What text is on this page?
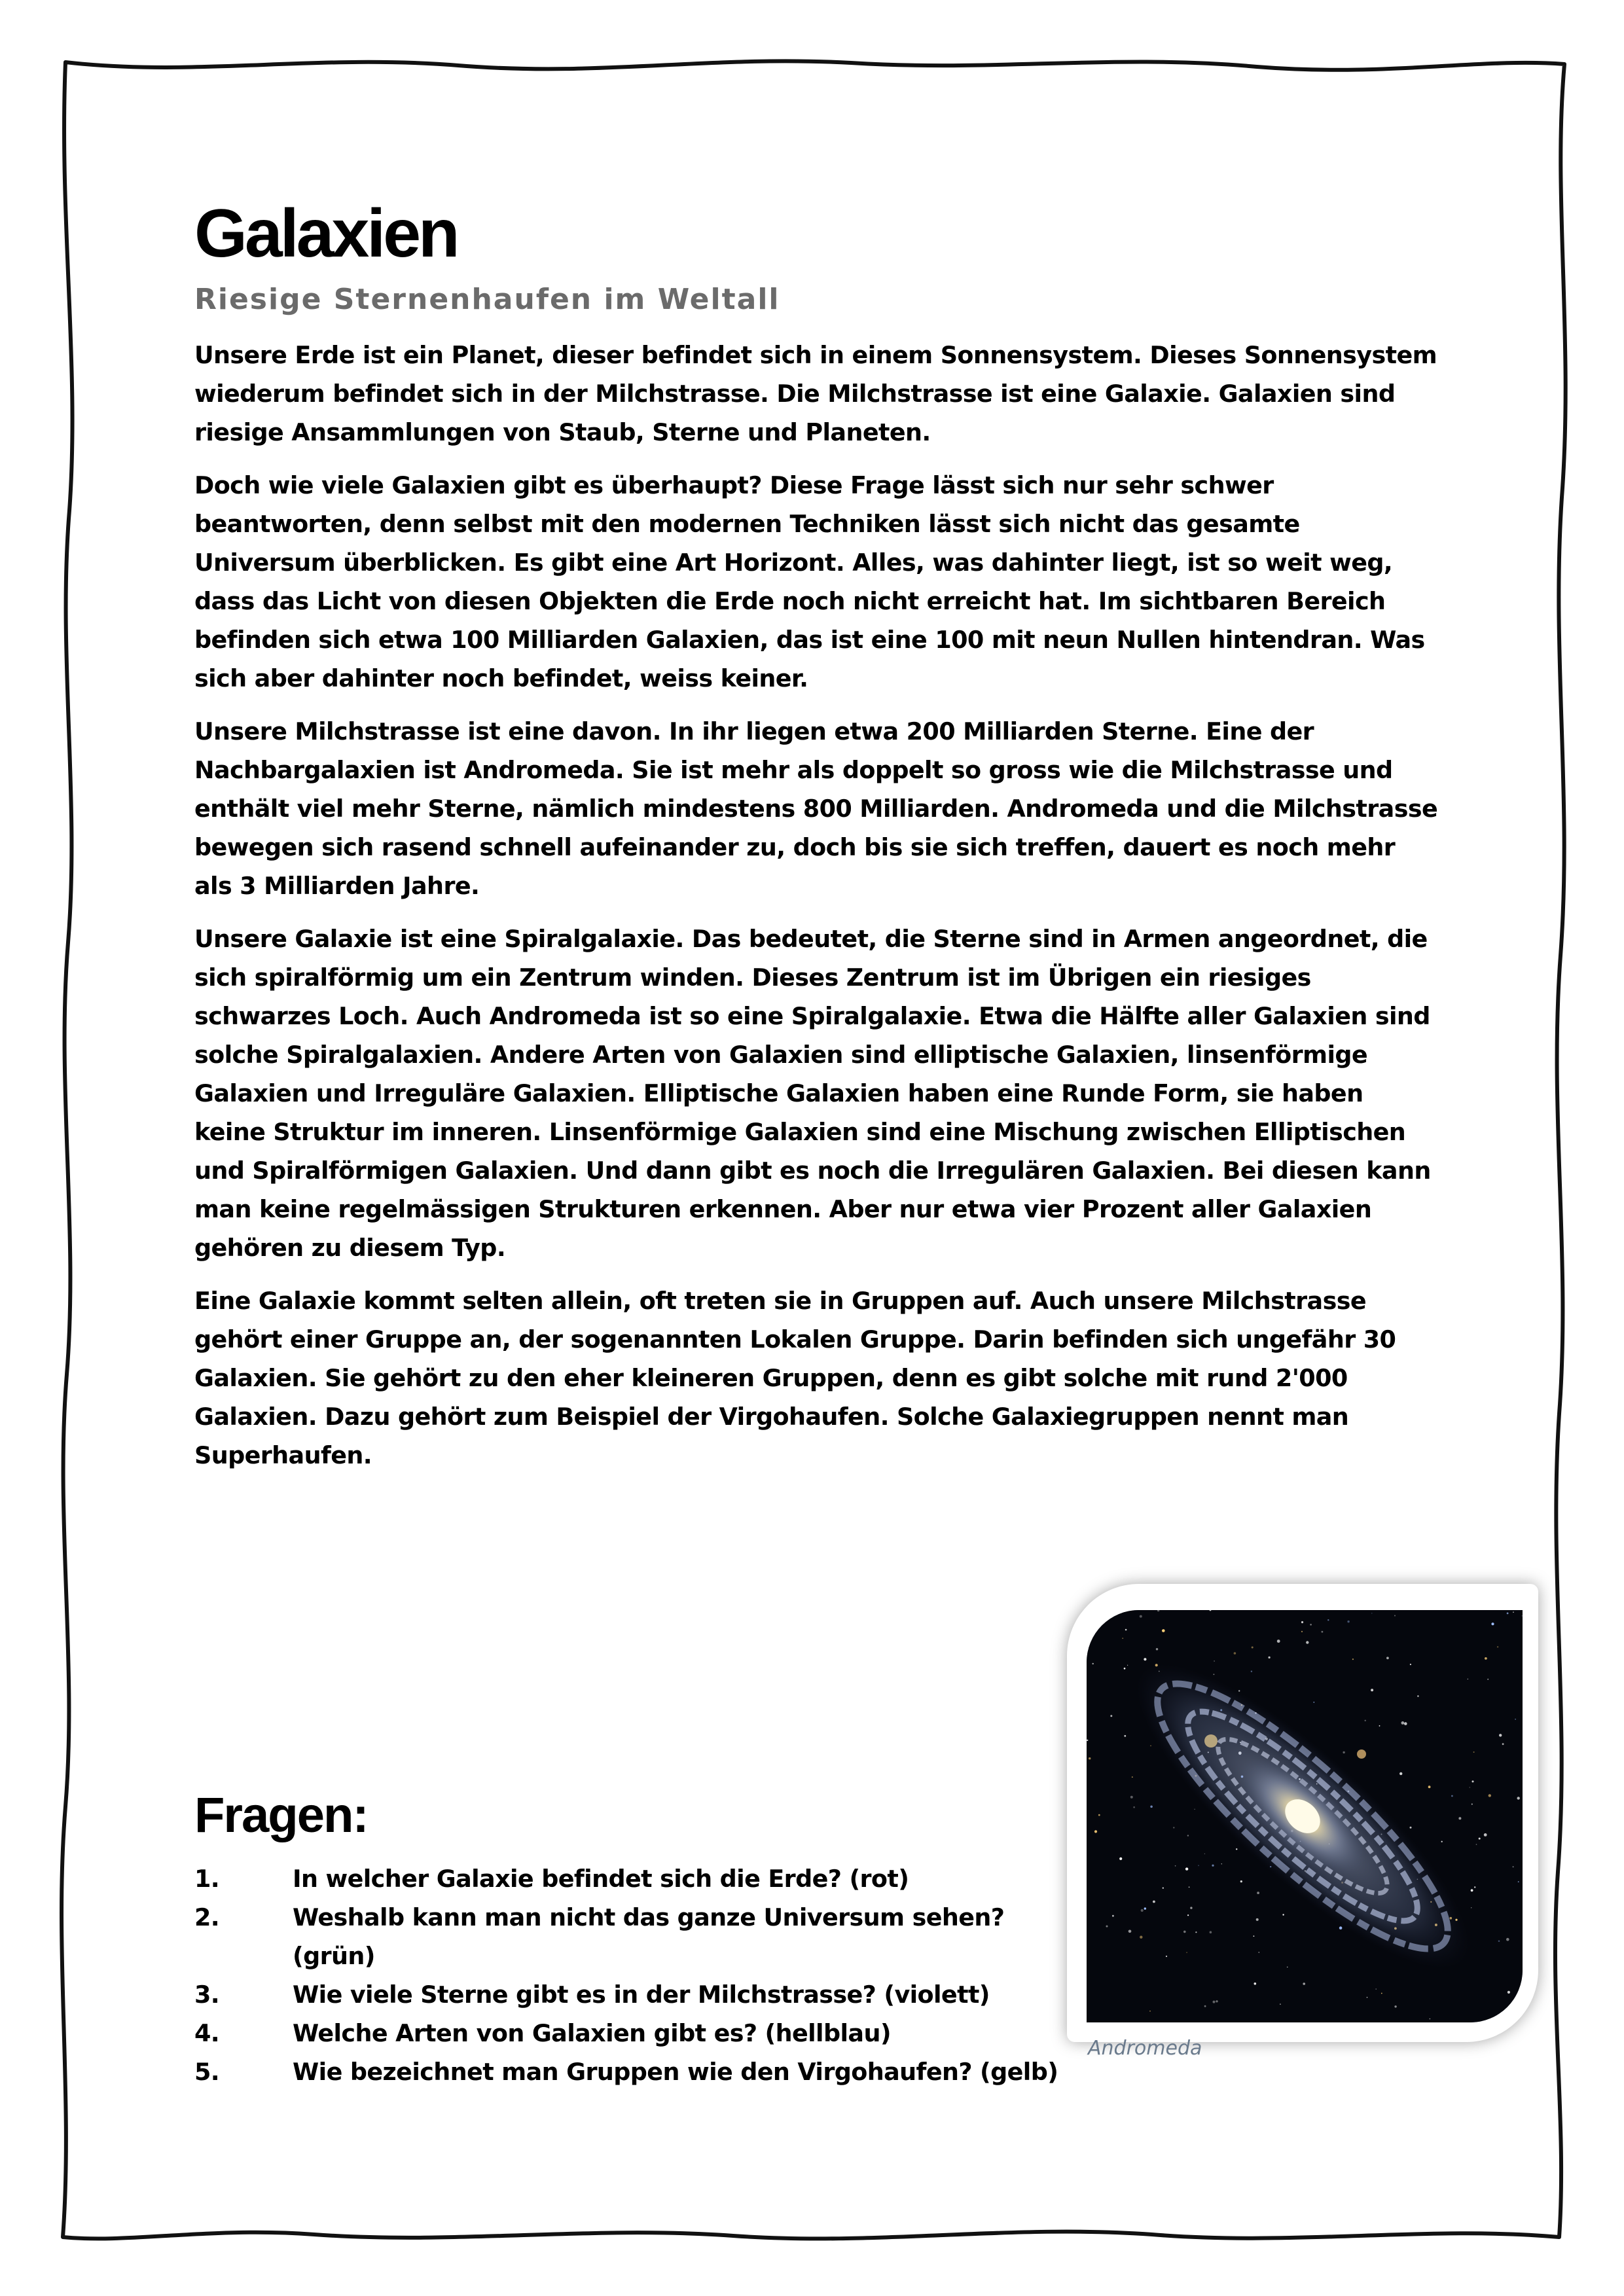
Galaxien
Riesige Sternenhaufen im Weltall

Unsere Erde ist ein Planet, dieser befindet sich in einem Sonnensystem. Dieses Sonnensystem wiederum befindet sich in der Milchstrasse. Die Milchstrasse ist eine Galaxie. Galaxien sind riesige Ansammlungen von Staub, Sterne und Planeten.

Doch wie viele Galaxien gibt es überhaupt? Diese Frage lässt sich nur sehr schwer beantworten, denn selbst mit den modernen Techniken lässt sich nicht das gesamte Universum überblicken. Es gibt eine Art Horizont. Alles, was dahinter liegt, ist so weit weg, dass das Licht von diesen Objekten die Erde noch nicht erreicht hat. Im sichtbaren Bereich befinden sich etwa 100 Milliarden Galaxien, das ist eine 100 mit neun Nullen hintendran. Was sich aber dahinter noch befindet, weiss keiner.

Unsere Milchstrasse ist eine davon. In ihr liegen etwa 200 Milliarden Sterne. Eine der Nachbargalaxien ist Andromeda. Sie ist mehr als doppelt so gross wie die Milchstrasse und enthält viel mehr Sterne, nämlich mindestens 800 Milliarden. Andromeda und die Milchstrasse bewegen sich rasend schnell aufeinander zu, doch bis sie sich treffen, dauert es noch mehr als 3 Milliarden Jahre.

Unsere Galaxie ist eine Spiralgalaxie. Das bedeutet, die Sterne sind in Armen angeordnet, die sich spiralförmig um ein Zentrum winden. Dieses Zentrum ist im Übrigen ein riesiges schwarzes Loch. Auch Andromeda ist so eine Spiralgalaxie. Etwa die Hälfte aller Galaxien sind solche Spiralgalaxien. Andere Arten von Galaxien sind elliptische Galaxien, linsenförmige Galaxien und Irreguläre Galaxien. Elliptische Galaxien haben eine Runde Form, sie haben keine Struktur im inneren. Linsenförmige Galaxien sind eine Mischung zwischen Elliptischen und Spiralförmigen Galaxien. Und dann gibt es noch die Irregulären Galaxien. Bei diesen kann man keine regelmässigen Strukturen erkennen. Aber nur etwa vier Prozent aller Galaxien gehören zu diesem Typ.

Eine Galaxie kommt selten allein, oft treten sie in Gruppen auf. Auch unsere Milchstrasse gehört einer Gruppe an, der sogenannten Lokalen Gruppe. Darin befinden sich ungefähr 30 Galaxien. Sie gehört zu den eher kleineren Gruppen, denn es gibt solche mit rund 2'000 Galaxien. Dazu gehört zum Beispiel der Virgohaufen. Solche Galaxiegruppen nennt man Superhaufen.

Fragen:
1.	In welcher Galaxie befindet sich die Erde? (rot)
2.	Weshalb kann man nicht das ganze Universum sehen? (grün)
3.	Wie viele Sterne gibt es in der Milchstrasse? (violett)
4.	Welche Arten von Galaxien gibt es? (hellblau)
5.	Wie bezeichnet man Gruppen wie den Virgohaufen? (gelb)
Andromeda
